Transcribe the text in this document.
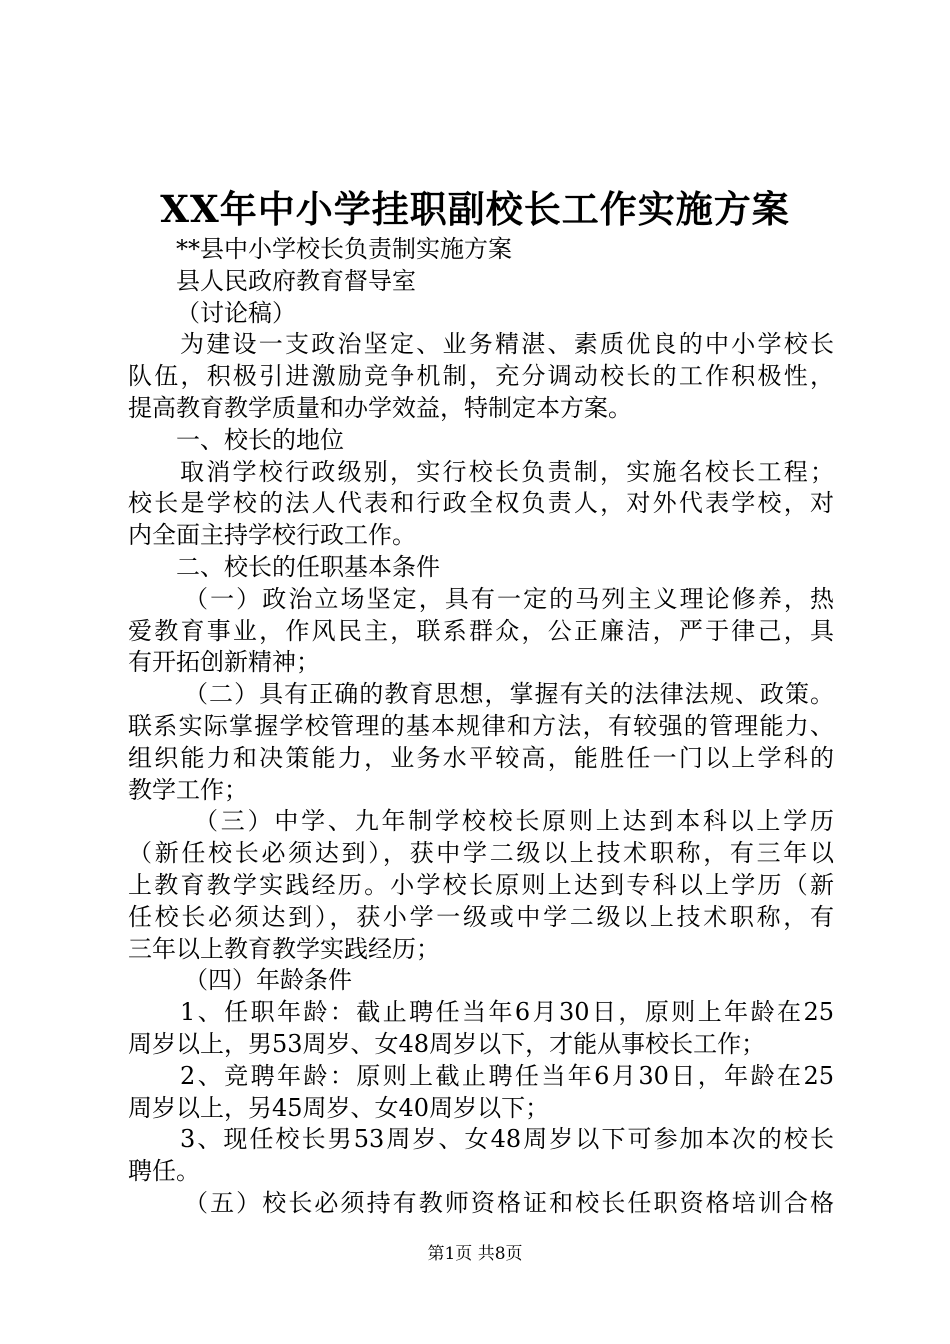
XX年中小学挂职副校长工作实施方案
**县中小学校长负责制实施方案
县人民政府教育督导室
（讨论稿）
为建设一支政治坚定、业务精湛、素质优良的中小学校长
队伍，积极引进激励竞争机制，充分调动校长的工作积极性，
提高教育教学质量和办学效益，特制定本方案。
一、校长的地位
取消学校行政级别，实行校长负责制，实施名校长工程；
校长是学校的法人代表和行政全权负责人，对外代表学校，对
内全面主持学校行政工作。
二、校长的任职基本条件
（一）政治立场坚定，具有一定的马列主义理论修养，热
爱教育事业，作风民主，联系群众，公正廉洁，严于律己，具
有开拓创新精神；
（二）具有正确的教育思想，掌握有关的法律法规、政策。
联系实际掌握学校管理的基本规律和方法，有较强的管理能力、
组织能力和决策能力，业务水平较高，能胜任一门以上学科的
教学工作；
（三）中学、九年制学校校长原则上达到本科以上学历
（新任校长必须达到），获中学二级以上技术职称，有三年以
上教育教学实践经历。小学校长原则上达到专科以上学历（新
任校长必须达到），获小学一级或中学二级以上技术职称，有
三年以上教育教学实践经历；
（四）年龄条件
1、任职年龄：截止聘任当年6月30日，原则上年龄在25
周岁以上，男53周岁、女48周岁以下，才能从事校长工作；
2、竞聘年龄：原则上截止聘任当年6月30日，年龄在25
周岁以上，另45周岁、女40周岁以下；
3、现任校长男53周岁、女48周岁以下可参加本次的校长
聘任。
（五）校长必须持有教师资格证和校长任职资格培训合格
第1页 共8页
